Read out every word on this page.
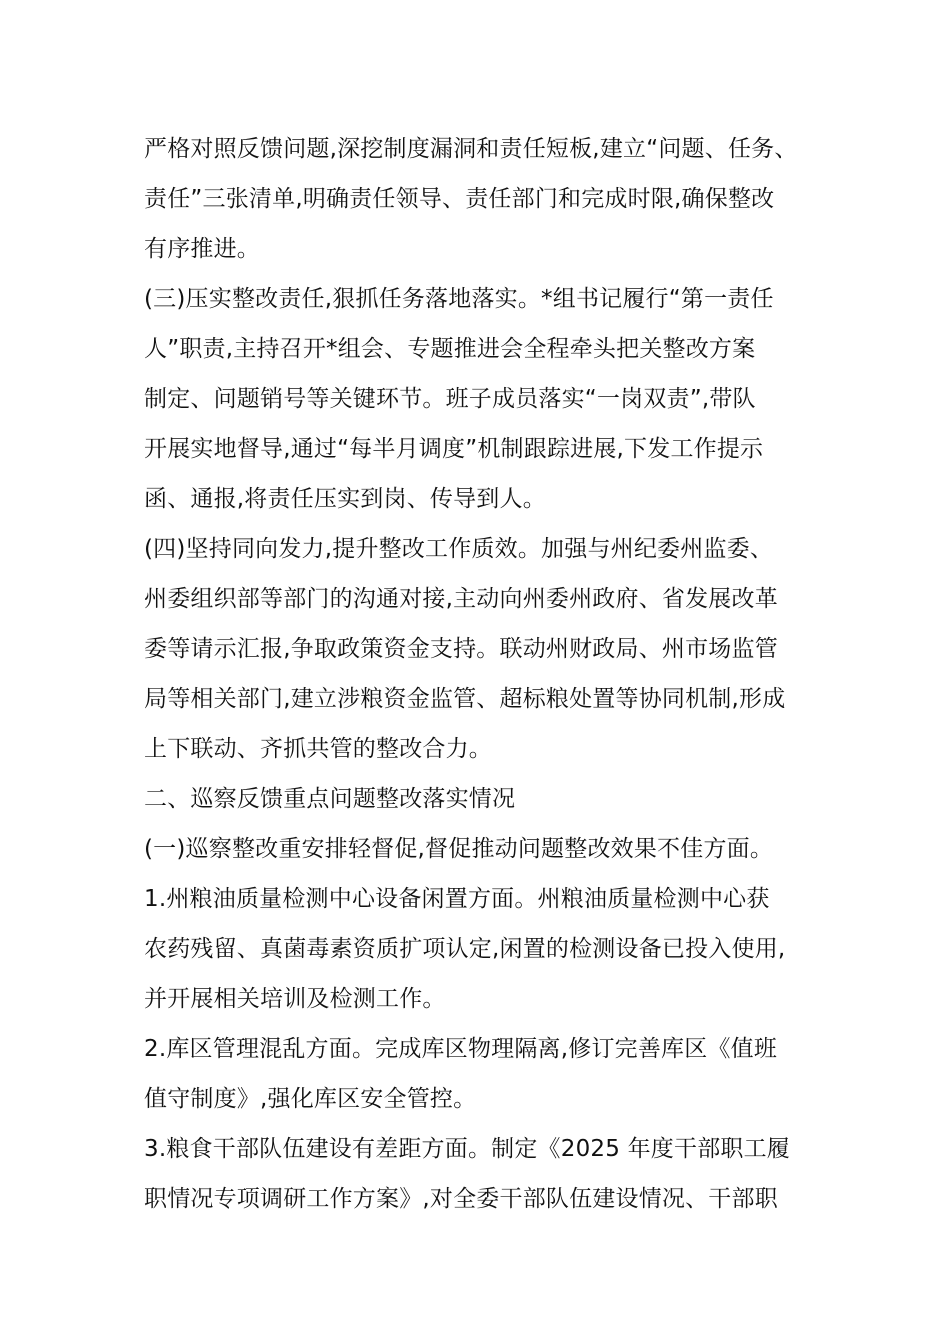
严格对照反馈问题,深挖制度漏洞和责任短板,建立“问题、任务、
责任”三张清单,明确责任领导、责任部门和完成时限,确保整改
有序推进。
(三)压实整改责任,狠抓任务落地落实。*组书记履行“第一责任
人”职责,主持召开*组会、专题推进会全程牵头把关整改方案
制定、问题销号等关键环节。班子成员落实“一岗双责”,带队
开展实地督导,通过“每半月调度”机制跟踪进展,下发工作提示
函、通报,将责任压实到岗、传导到人。
(四)坚持同向发力,提升整改工作质效。加强与州纪委州监委、
州委组织部等部门的沟通对接,主动向州委州政府、省发展改革
委等请示汇报,争取政策资金支持。联动州财政局、州市场监管
局等相关部门,建立涉粮资金监管、超标粮处置等协同机制,形成
上下联动、齐抓共管的整改合力。
二、巡察反馈重点问题整改落实情况
(一)巡察整改重安排轻督促,督促推动问题整改效果不佳方面。
1.州粮油质量检测中心设备闲置方面。州粮油质量检测中心获
农药残留、真菌毒素资质扩项认定,闲置的检测设备已投入使用,
并开展相关培训及检测工作。
2.库区管理混乱方面。完成库区物理隔离,修订完善库区《值班
值守制度》,强化库区安全管控。
3.粮食干部队伍建设有差距方面。制定《2025 年度干部职工履
职情况专项调研工作方案》,对全委干部队伍建设情况、干部职
